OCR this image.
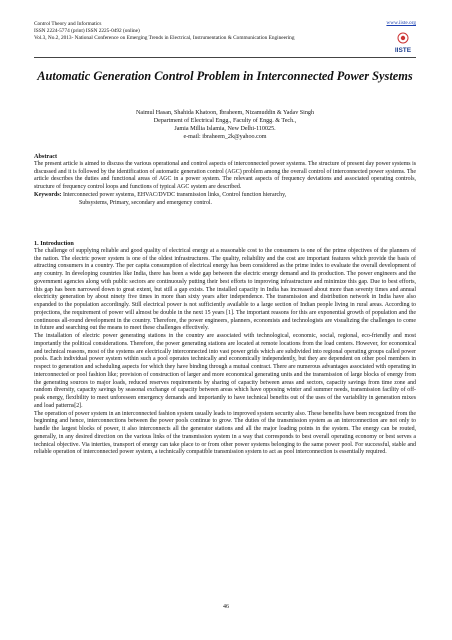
Control Theory and Informatics
ISSN 2224-5774 (print) ISSN 2225-0492 (online)
Vol.3, No.2, 2013- National Conference on Emerging Trends in Electrical, Instrumentation & Communication Engineering
www.iiste.org
IISTE
Automatic Generation Control Problem in Interconnected Power Systems
Naimul Hasan, Shahida Khatoon, Ibraheem, Nizamuddin & Yadav Singh
Department of Electrical Engg., Faculty of Engg. & Tech.,
Jamia Millia Islamia, New Delhi-110025.
e-mail: ibraheem_2k@yahoo.com

Abstract

The present article is aimed to discuss the various operational and control aspects of interconnected power systems. The structure of present day power systems is discussed and it is followed by the identification of automatic generation control (AGC) problem among the overall control of interconnected power systems. The article describes the duties and functional areas of AGC in a power system. The relevant aspects of frequency deviations and associated operating controls, structure of frequency control loops and functions of typical AGC system are described.

Keywords: Interconnected power systems, EHVAC/DVDC transmission links, Control function hierarchy,

Subsystems, Primary, secondary and emergency control.

1. Introduction

The challenge of supplying reliable and good quality of electrical energy at a reasonable cost to the consumers is one of the prime objectives of the planners of the nation. The electric power system is one of the oldest infrastructures. The quality, reliability and the cost are important features which provide the basis of attracting consumers in a country. The per capita consumption of electrical energy has been considered as the prime index to evaluate the overall development of any country. In developing countries like India, there has been a wide gap between the electric energy demand and its production. The power engineers and the government agencies along with public sectors are continuously putting their best efforts to improving infrastructure and minimize this gap. Due to best efforts, this gap has been narrowed down to great extent, but still a gap exists. The installed capacity in India has increased about more than seventy times and annual electricity generation by about ninety five times in more than sixty years after independence. The transmission and distribution network in India have also expanded to the population accordingly. Still electrical power is not sufficiently available to a large section of Indian people living in rural areas. According to projections, the requirement of power will almost be double in the next 15 years [1]. The important reasons for this are exponential growth of population and the continuous all-round development in the country. Therefore, the power engineers, planners, economists and technologists are visualizing the challenges to come in future and searching out the means to meet these challenges effectively.

The installation of electric power generating stations in the country are associated with technological, economic, social, regional, eco-friendly and most importantly the political considerations. Therefore, the power generating stations are located at remote locations from the load centers. However, for economical and technical reasons, most of the systems are electrically interconnected into vast power grids which are subdivided into regional operating groups called power pools. Each individual power system within such a pool operates technically and economically independently, but they are dependent on other pool members in respect to generation and scheduling aspects for which they have binding through a mutual contract. There are numerous advantages associated with operating in interconnected or pool fashion like; provision of construction of larger and more economical generating units and the transmission of large blocks of energy from the generating sources to major loads, reduced reserves requirements by sharing of capacity between areas and sectors, capacity savings from time zone and random diversity, capacity savings by seasonal exchange of capacity between areas which have opposing winter and summer needs, transmission facility of off-peak energy, flexibility to meet unforeseen emergency demands and importantly to have technical benefits out of the uses of the variability in generation mixes and load patterns[2].

The operation of power system in an interconnected fashion system usually leads to improved system security also. These benefits have been recognized from the beginning and hence, interconnections between the power pools continue to grow. The duties of the transmission system as an interconnection are not only to handle the largest blocks of power, it also interconnects all the generator stations and all the major loading points in the system. The energy can be routed, generally, in any desired direction on the various links of the transmission system in a way that corresponds to best overall operating economy or best serves a technical objective. Via interties, transport of energy can take place to or from other power systems belonging to the same power pool. For successful, stable and reliable operation of interconnected power system, a technically compatible transmission system to act as pool interconnection is essentially required.

46
